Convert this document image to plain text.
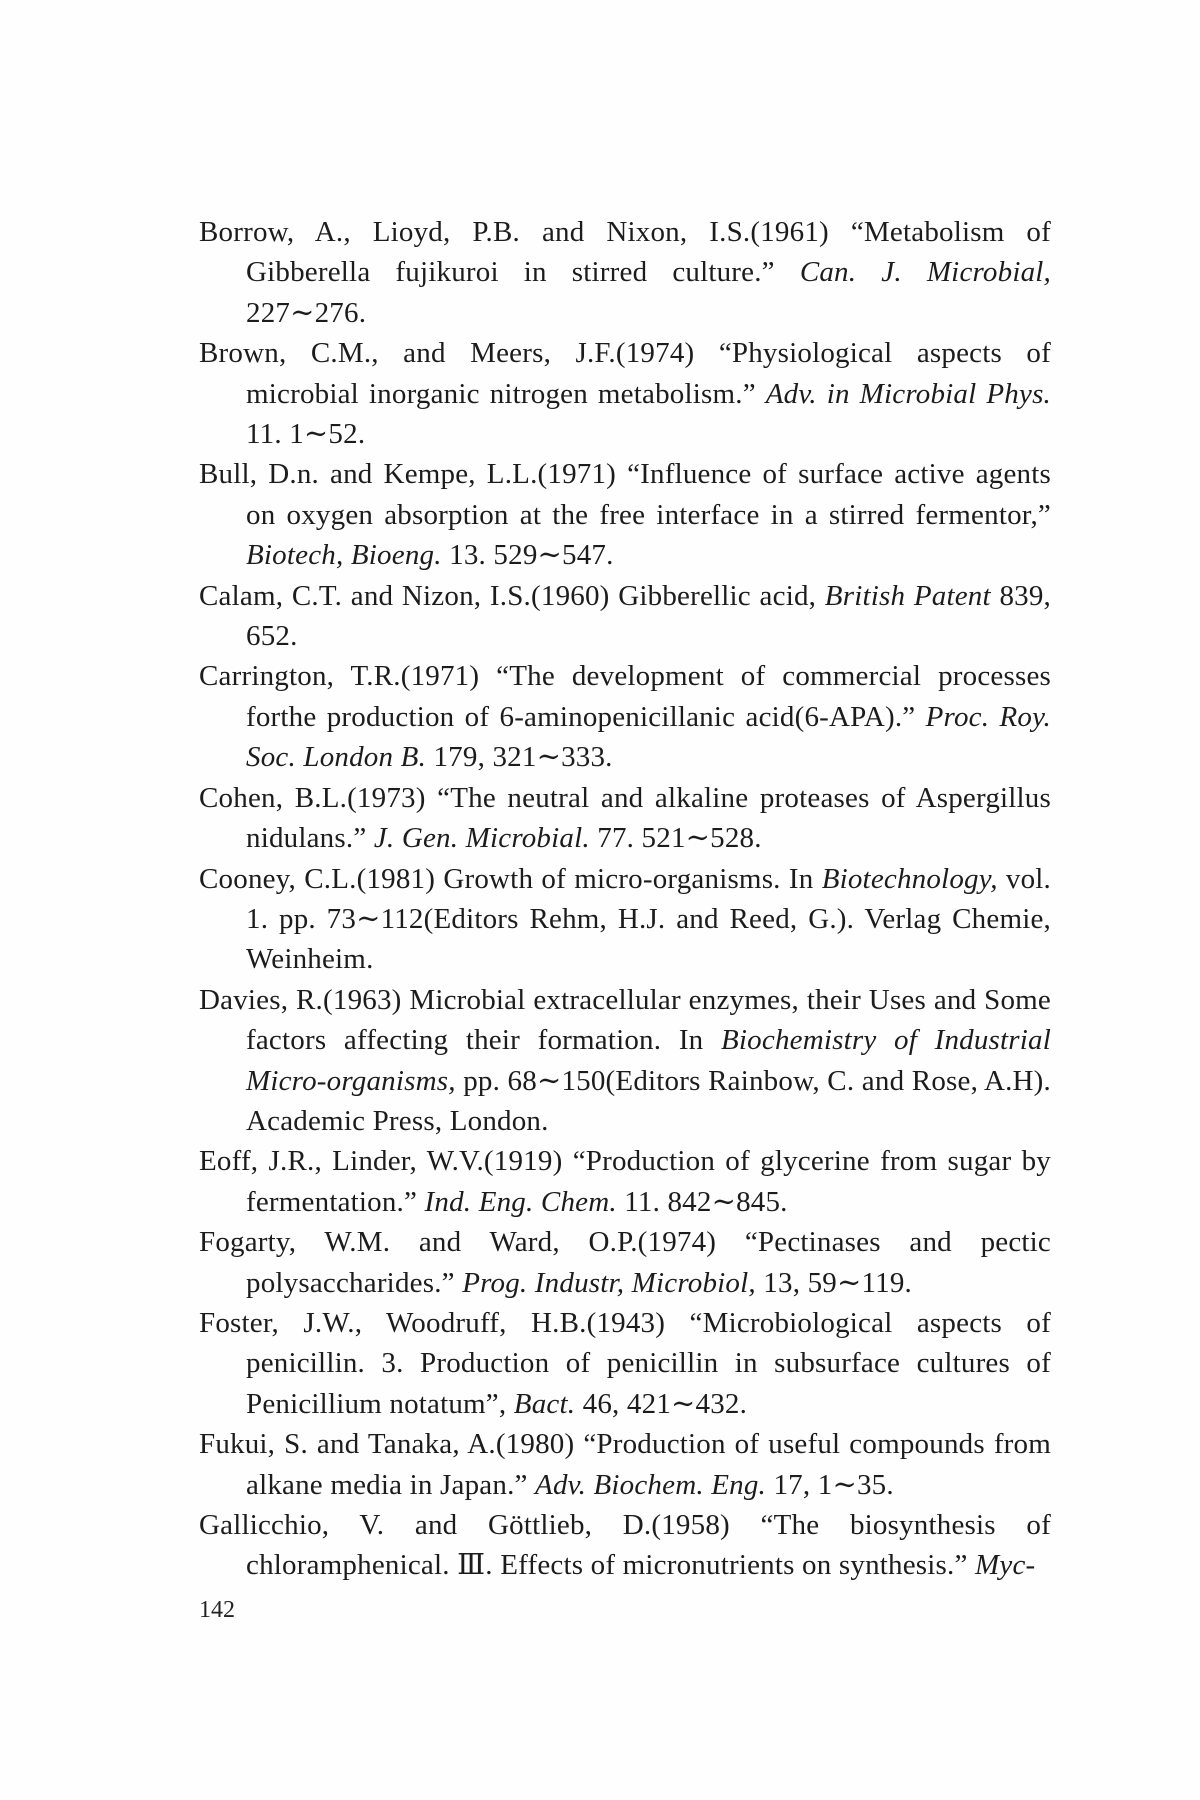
Borrow, A., Lioyd, P.B. and Nixon, I.S.(1961) “Metabolism of Gibberella fujikuroi in stirred culture.” Can. J. Microbial, 227∼276.

Brown, C.M., and Meers, J.F.(1974) “Physiological aspects of microbial inorganic nitrogen metabolism.” Adv. in Microbial Phys. 11. 1∼52.

Bull, D.n. and Kempe, L.L.(1971) “Influence of surface active agents on oxygen absorption at the free interface in a stirred fermentor,” Biotech, Bioeng. 13. 529∼547.

Calam, C.T. and Nizon, I.S.(1960) Gibberellic acid, British Patent 839, 652.

Carrington, T.R.(1971) “The development of commercial processes forthe production of 6-aminopenicillanic acid(6-APA).” Proc. Roy. Soc. London B. 179, 321∼333.

Cohen, B.L.(1973) “The neutral and alkaline proteases of Aspergillus nidulans.” J. Gen. Microbial. 77. 521∼528.

Cooney, C.L.(1981) Growth of micro-organisms. In Biotechnology, vol. 1. pp. 73∼112(Editors Rehm, H.J. and Reed, G.). Verlag Chemie, Weinheim.

Davies, R.(1963) Microbial extracellular enzymes, their Uses and Some factors affecting their formation. In Biochemistry of Industrial Micro-organisms, pp. 68∼150(Editors Rainbow, C. and Rose, A.H). Academic Press, London.

Eoff, J.R., Linder, W.V.(1919) “Production of glycerine from sugar by fermentation.” Ind. Eng. Chem. 11. 842∼845.

Fogarty, W.M. and Ward, O.P.(1974) “Pectinases and pectic polysaccharides.” Prog. Industr, Microbiol, 13, 59∼119.

Foster, J.W., Woodruff, H.B.(1943) “Microbiological aspects of penicillin. 3. Production of penicillin in subsurface cultures of Penicillium notatum”, Bact. 46, 421∼432.

Fukui, S. and Tanaka, A.(1980) “Production of useful compounds from alkane media in Japan.” Adv. Biochem. Eng. 17, 1∼35.

Gallicchio, V. and Göttlieb, D.(1958) “The biosynthesis of chloramphenical. Ⅲ. Effects of micronutrients on synthesis.” Myc-

142
